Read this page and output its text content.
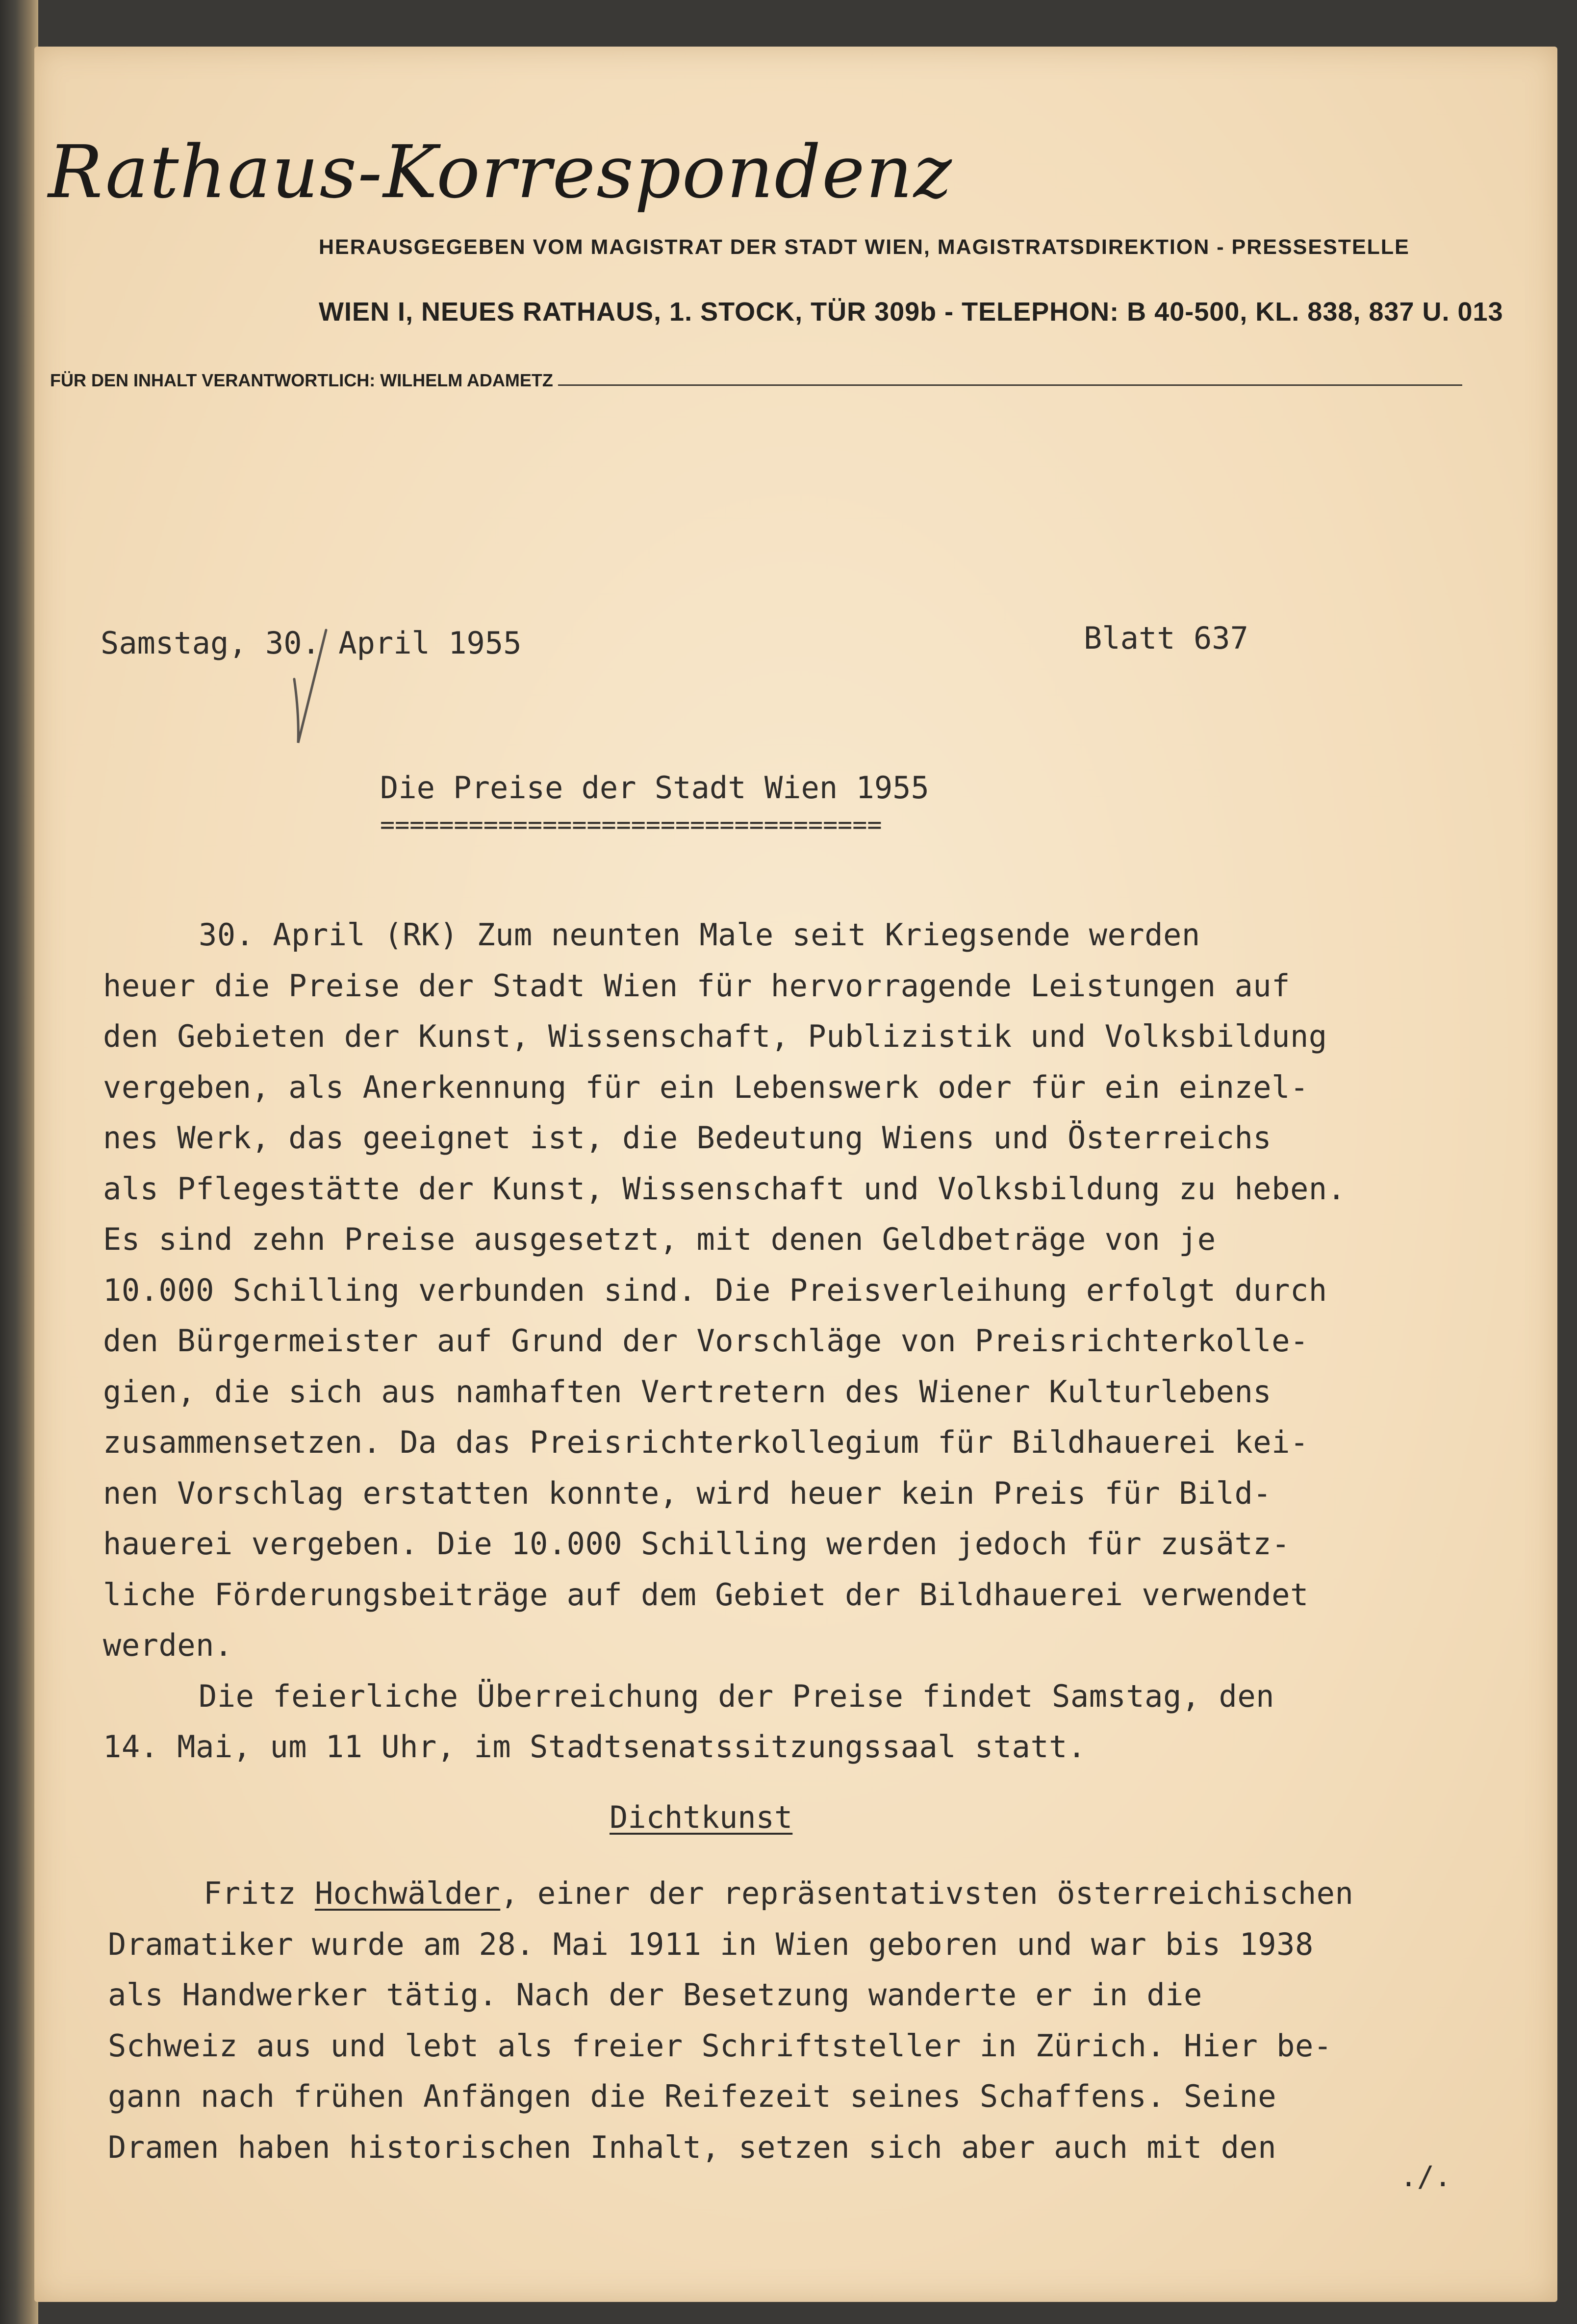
Rathaus-Korrespondenz
HERAUSGEGEBEN VOM MAGISTRAT DER STADT WIEN, MAGISTRATSDIREKTION - PRESSESTELLE
WIEN I, NEUES RATHAUS, 1. STOCK, TÜR 309b - TELEPHON: B 40-500, KL. 838, 837 U. 013
FÜR DEN INHALT VERANTWORTLICH: WILHELM ADAMETZ
Samstag, 30. April 1955	Blatt 637
Die Preise der Stadt Wien 1955
==================================
30. April (RK) Zum neunten Male seit Kriegsende werden
heuer die Preise der Stadt Wien für hervorragende Leistungen auf
den Gebieten der Kunst, Wissenschaft, Publizistik und Volksbildung
vergeben, als Anerkennung für ein Lebenswerk oder für ein einzel-
nes Werk, das geeignet ist, die Bedeutung Wiens und Österreichs
als Pflegestätte der Kunst, Wissenschaft und Volksbildung zu heben.
Es sind zehn Preise ausgesetzt, mit denen Geldbeträge von je
10.000 Schilling verbunden sind. Die Preisverleihung erfolgt durch
den Bürgermeister auf Grund der Vorschläge von Preisrichterkolle-
gien, die sich aus namhaften Vertretern des Wiener Kulturlebens
zusammensetzen. Da das Preisrichterkollegium für Bildhauerei kei-
nen Vorschlag erstatten konnte, wird heuer kein Preis für Bild-
hauerei vergeben. Die 10.000 Schilling werden jedoch für zusätz-
liche Förderungsbeiträge auf dem Gebiet der Bildhauerei verwendet
werden.
Die feierliche Überreichung der Preise findet Samstag, den
14. Mai, um 11 Uhr, im Stadtsenatssitzungssaal statt.
Dichtkunst
Fritz Hochwälder, einer der repräsentativsten österreichischen
Dramatiker wurde am 28. Mai 1911 in Wien geboren und war bis 1938
als Handwerker tätig. Nach der Besetzung wanderte er in die
Schweiz aus und lebt als freier Schriftsteller in Zürich. Hier be-
gann nach frühen Anfängen die Reifezeit seines Schaffens. Seine
Dramen haben historischen Inhalt, setzen sich aber auch mit den
./.
